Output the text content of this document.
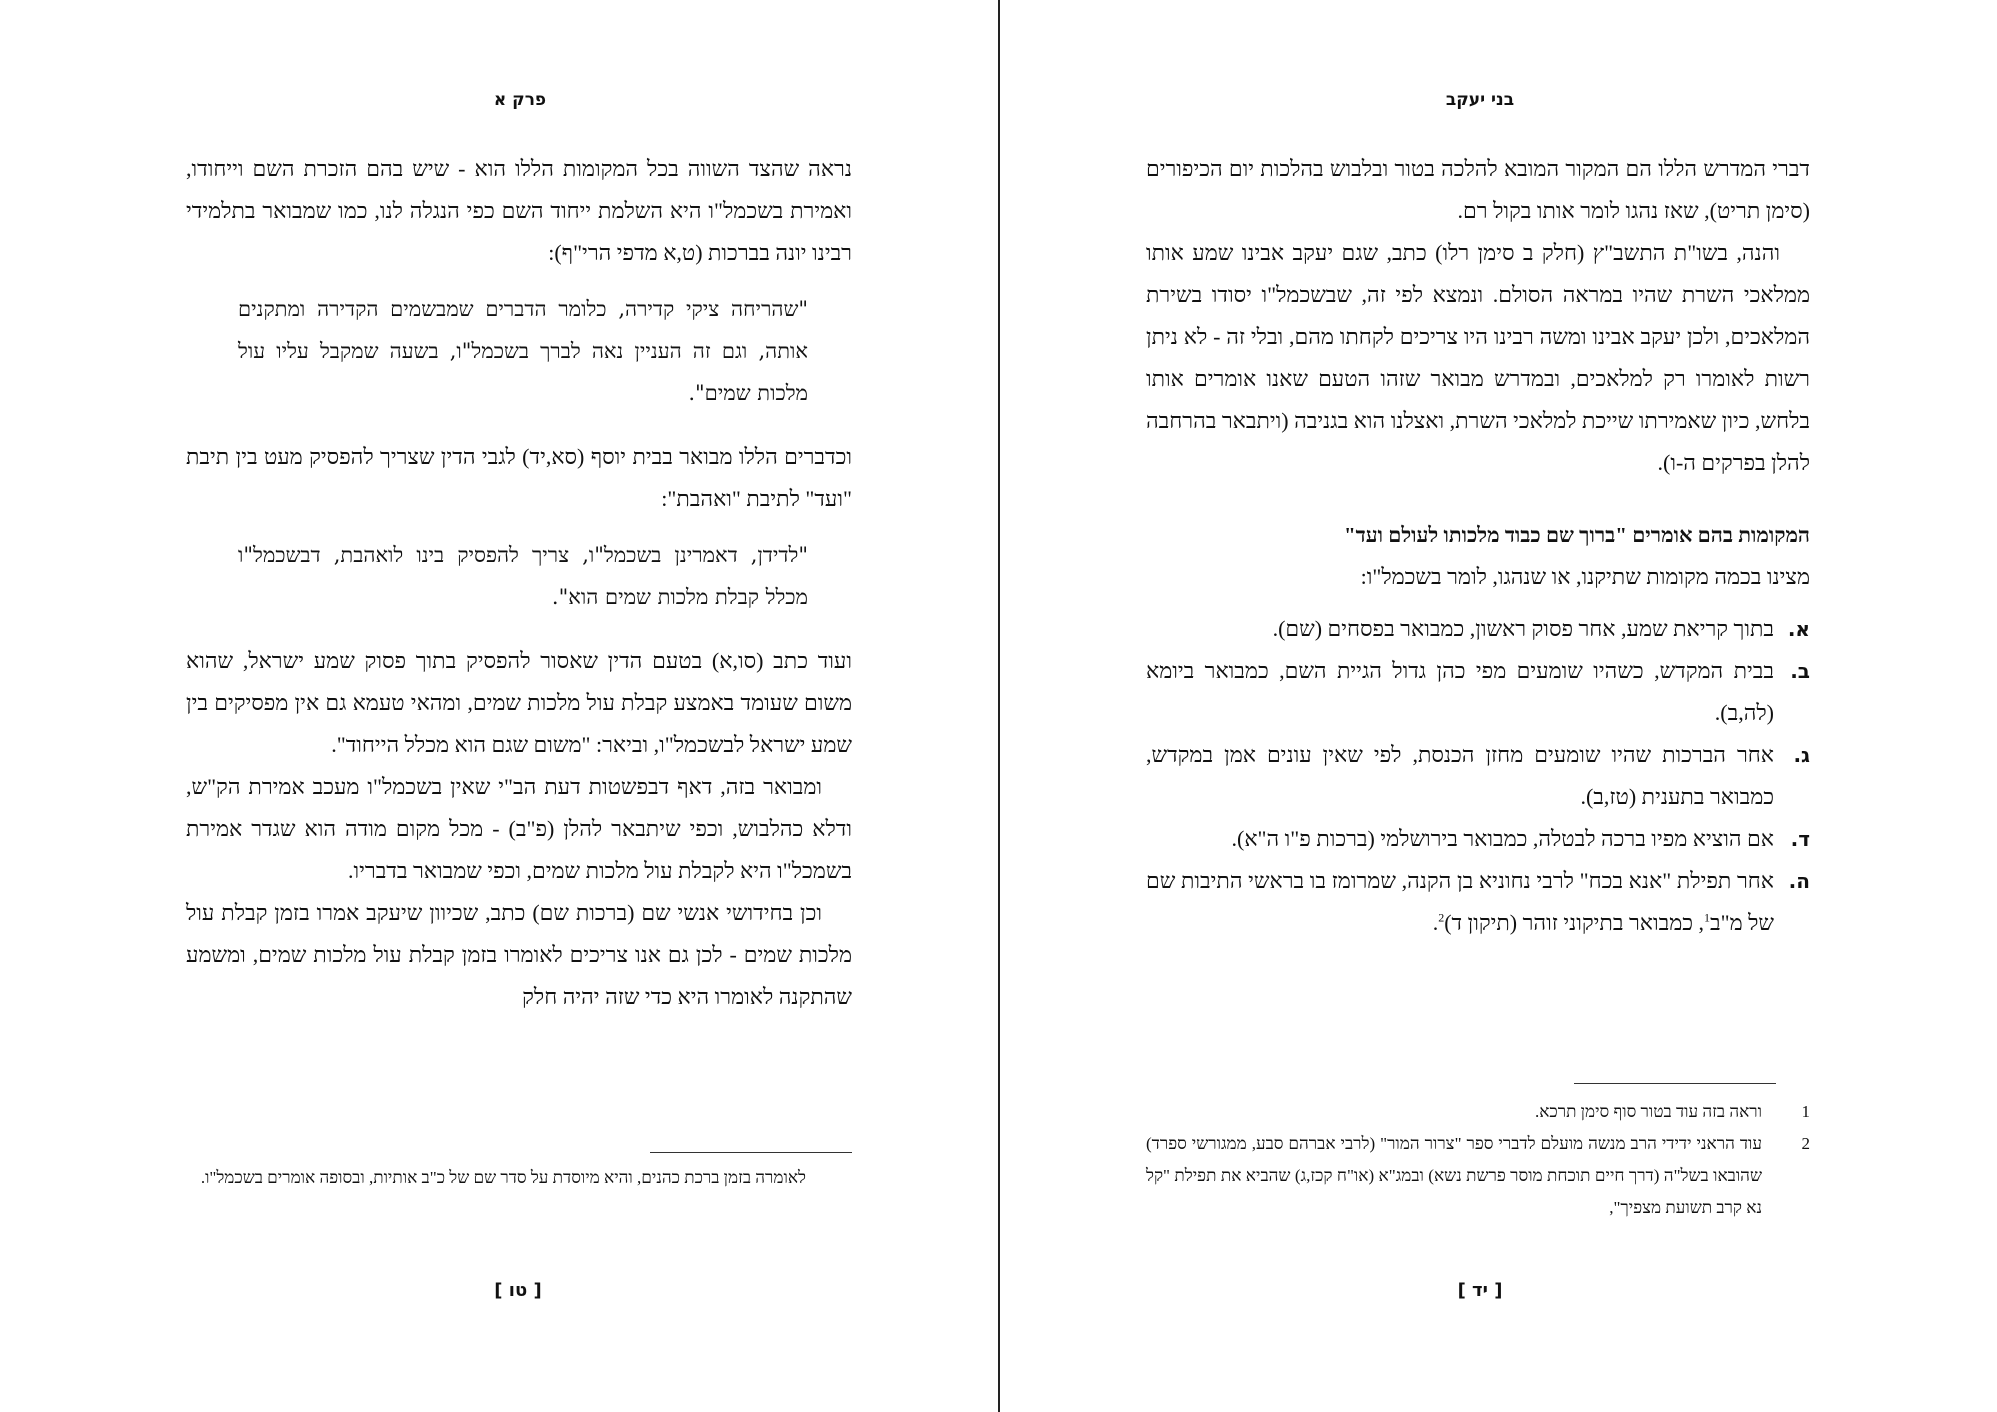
בני יעקב

דברי המדרש הללו הם המקור המובא להלכה בטור ובלבוש בהלכות יום הכיפורים (סימן תריט), שאז נהגו לומר אותו בקול רם.

והנה, בשו"ת התשב"ץ (חלק ב סימן רלו) כתב, שגם יעקב אבינו שמע אותו ממלאכי השרת שהיו במראה הסולם. ונמצא לפי זה, שבשכמל"ו יסודו בשירת המלאכים, ולכן יעקב אבינו ומשה רבינו היו צריכים לקחתו מהם, ובלי זה - לא ניתן רשות לאומרו רק למלאכים, ובמדרש מבואר שזהו הטעם שאנו אומרים אותו בלחש, כיון שאמירתו שייכת למלאכי השרת, ואצלנו הוא בגניבה (ויתבאר בהרחבה להלן בפרקים ה-ו).

המקומות בהם אומרים "ברוך שם כבוד מלכותו לעולם ועד"

מצינו בכמה מקומות שתיקנו, או שנהגו, לומר בשכמל"ו:

א.
בתוך קריאת שמע, אחר פסוק ראשון, כמבואר בפסחים (שם).
ב.
בבית המקדש, כשהיו שומעים מפי כהן גדול הגיית השם, כמבואר ביומא (לה,ב).
ג.
אחר הברכות שהיו שומעים מחזן הכנסת, לפי שאין עונים אמן במקדש, כמבואר בתענית (טז,ב).
ד.
אם הוציא מפיו ברכה לבטלה, כמבואר בירושלמי (ברכות פ"ו ה"א).
ה.
אחר תפילת "אנא בכח" לרבי נחוניא בן הקנה, שמרומז בו בראשי התיבות שם של מ"ב$^1$, כמבואר בתיקוני זוהר (תיקון ד)$^2$.
1
וראה בזה עוד בטור סוף סימן תרכא.
2
עוד הראני ידידי הרב מנשה מועלם לדברי ספר "צרור המור" (לרבי אברהם סבע, ממגורשי ספרד) שהובאו בשל"ה (דרך חיים תוכחת מוסר פרשת נשא) ובמג"א (או"ח קכז,ג) שהביא את תפילת "קל נא קרב תשועת מצפיך",
[ יד ]
פרק א

נראה שהצד השווה בכל המקומות הללו הוא - שיש בהם הזכרת השם וייחודו, ואמירת בשכמל"ו היא השלמת ייחוד השם כפי הנגלה לנו, כמו שמבואר בתלמידי רבינו יונה בברכות (ט,א מדפי הרי"ף):

"שהריחה ציקי קדירה, כלומר הדברים שמבשמים הקדירה ומתקנים אותה, וגם זה העניין נאה לברך בשכמל"ו, בשעה שמקבל עליו עול מלכות שמים".

וכדברים הללו מבואר בבית יוסף (סא,יד) לגבי הדין שצריך להפסיק מעט בין תיבת "ועד" לתיבת "ואהבת":

"לדידן, דאמרינן בשכמל"ו, צריך להפסיק בינו לואהבת, דבשכמל"ו מכלל קבלת מלכות שמים הוא".

ועוד כתב (סו,א) בטעם הדין שאסור להפסיק בתוך פסוק שמע ישראל, שהוא משום שעומד באמצע קבלת עול מלכות שמים, ומהאי טעמא גם אין מפסיקים בין שמע ישראל לבשכמל"ו, וביאר: "משום שגם הוא מכלל הייחוד".

ומבואר בזה, דאף דבפשטות דעת הב"י שאין בשכמל"ו מעכב אמירת הק"ש, ודלא כהלבוש, וכפי שיתבאר להלן (פ"ב) - מכל מקום מודה הוא שגדר אמירת בשמכל"ו היא לקבלת עול מלכות שמים, וכפי שמבואר בדבריו.

וכן בחידושי אנשי שם (ברכות שם) כתב, שכיוון שיעקב אמרו בזמן קבלת עול מלכות שמים - לכן גם אנו צריכים לאומרו בזמן קבלת עול מלכות שמים, ומשמע שהתקנה לאומרו היא כדי שזה יהיה חלק

לאומרה בזמן ברכת כהנים, והיא מיוסדת על סדר שם של כ"ב אותיות, ובסופה אומרים בשכמל"ו.
[ טו ]
